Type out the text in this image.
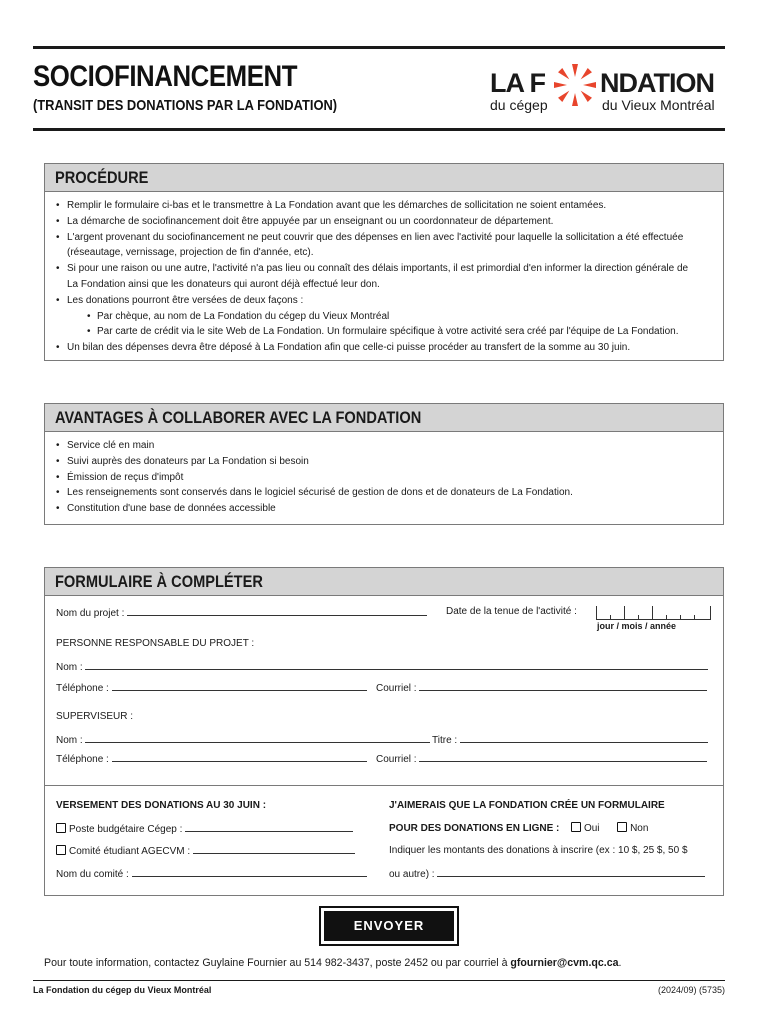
SOCIOFINANCEMENT
(TRANSIT DES DONATIONS PAR LA FONDATION)
LA F NDATION
du cégep	du Vieux Montréal
PROCÉDURE

• Remplir le formulaire ci-bas et le transmettre à La Fondation avant que les démarches de sollicitation ne soient entamées.

• La démarche de sociofinancement doit être appuyée par un enseignant ou un coordonnateur de département.

• L'argent provenant du sociofinancement ne peut couvrir que des dépenses en lien avec l'activité pour laquelle la sollicitation a été effectuée

(réseautage, vernissage, projection de fin d'année, etc).

• Si pour une raison ou une autre, l'activité n'a pas lieu ou connaît des délais importants, il est primordial d'en informer la direction générale de

La Fondation ainsi que les donateurs qui auront déjà effectué leur don.

• Les donations pourront être versées de deux façons :

• Par chèque, au nom de La Fondation du cégep du Vieux Montréal

• Par carte de crédit via le site Web de La Fondation. Un formulaire spécifique à votre activité sera créé par l'équipe de La Fondation.

• Un bilan des dépenses devra être déposé à La Fondation afin que celle-ci puisse procéder au transfert de la somme au 30 juin.

AVANTAGES À COLLABORER AVEC LA FONDATION

• Service clé en main

• Suivi auprès des donateurs par La Fondation si besoin

• Émission de reçus d'impôt

• Les renseignements sont conservés dans le logiciel sécurisé de gestion de dons et de donateurs de La Fondation.

• Constitution d'une base de données accessible

FORMULAIRE À COMPLÉTER
Nom du projet :	Date de la tenue de l'activité :
jour / mois / année
PERSONNE RESPONSABLE DU PROJET :
Nom :
Téléphone :	Courriel :
SUPERVISEUR :
Nom :	Titre :
Téléphone :	Courriel :
VERSEMENT DES DONATIONS AU 30 JUIN :
Poste budgétaire Cégep :
Comité étudiant AGECVM :
Nom du comité :
J'AIMERAIS QUE LA FONDATION CRÉE UN FORMULAIRE
POUR DES DONATIONS EN LIGNE : Oui	Non
Indiquer les montants des donations à inscrire (ex : 10 $, 25 $, 50 $
ou autre) :
ENVOYER
Pour toute information, contactez Guylaine Fournier au 514 982-3437, poste 2452 ou par courriel à gfournier@cvm.qc.ca.
La Fondation du cégep du Vieux Montréal	(2024/09) (5735)
